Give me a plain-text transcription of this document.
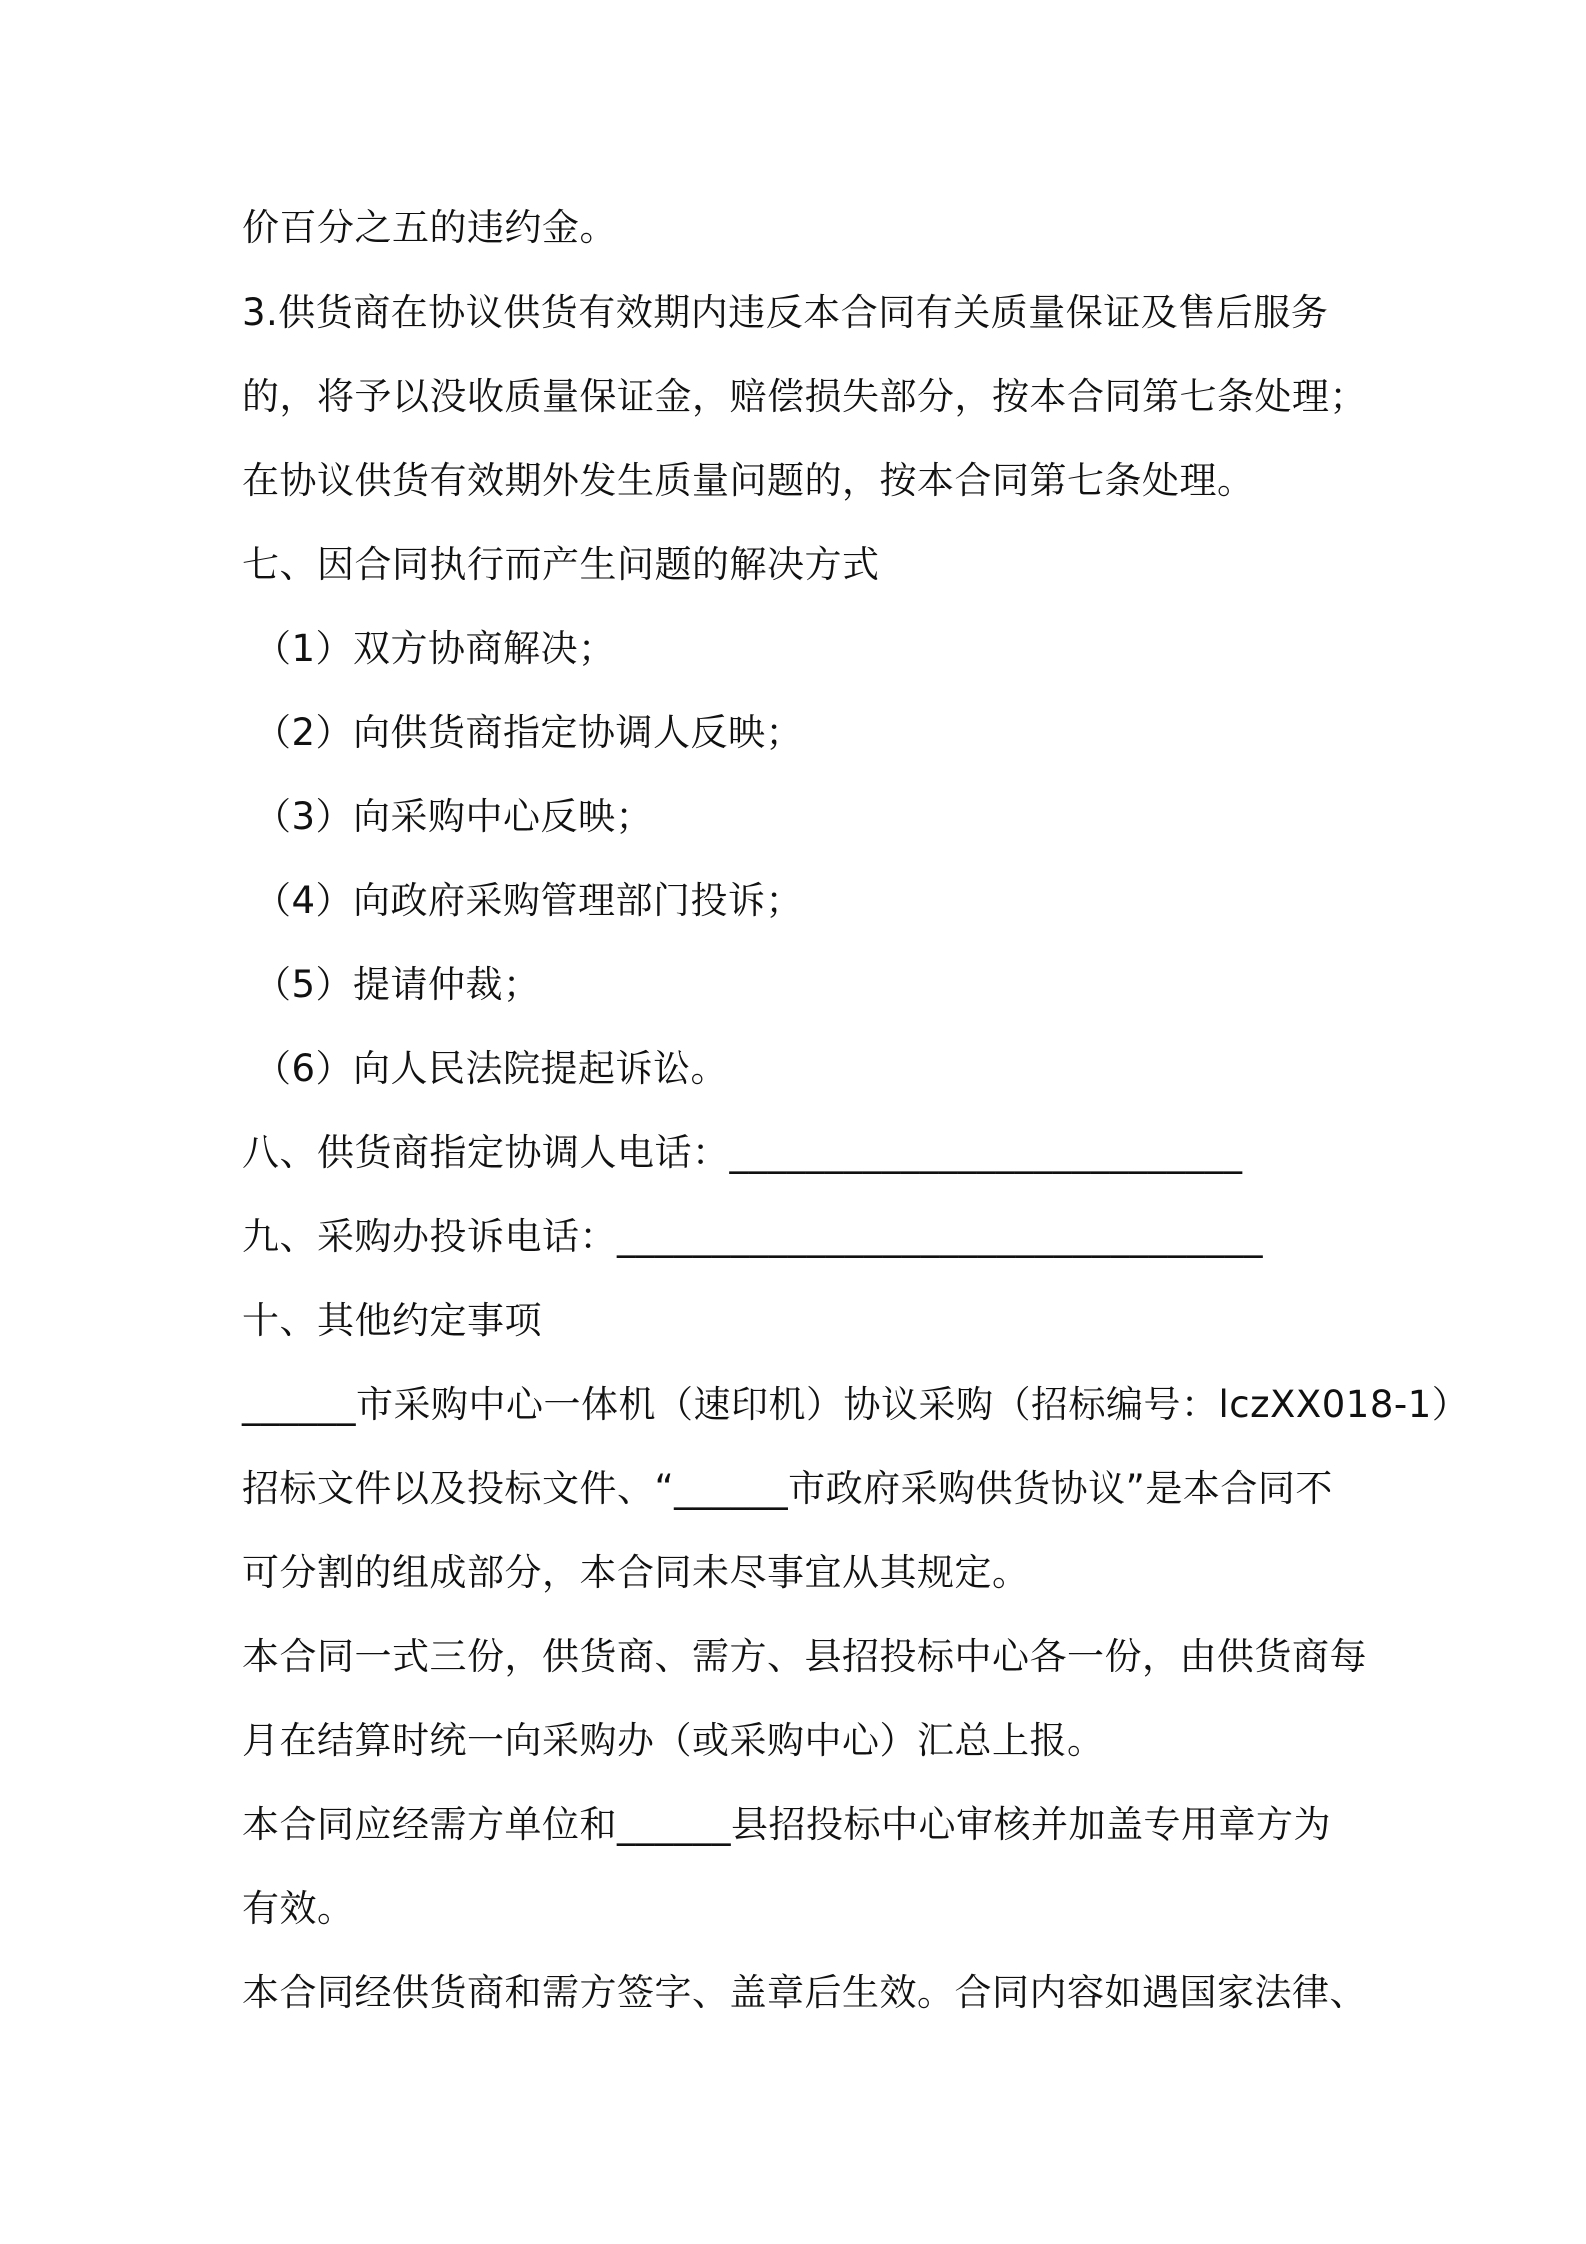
价百分之五的违约金。
3.供货商在协议供货有效期内违反本合同有关质量保证及售后服务
的，将予以没收质量保证金，赔偿损失部分，按本合同第七条处理；
在协议供货有效期外发生质量问题的，按本合同第七条处理。
七、因合同执行而产生问题的解决方式
（1）双方协商解决；
（2）向供货商指定协调人反映；
（3）向采购中心反映；
（4）向政府采购管理部门投诉；
（5）提请仲裁；
（6）向人民法院提起诉讼。
八、供货商指定协调人电话：___________________________
九、采购办投诉电话：__________________________________
十、其他约定事项
______市采购中心一体机（速印机）协议采购（招标编号：lczXX018-1）
招标文件以及投标文件、“______市政府采购供货协议”是本合同不
可分割的组成部分，本合同未尽事宜从其规定。
本合同一式三份，供货商、需方、县招投标中心各一份，由供货商每
月在结算时统一向采购办（或采购中心）汇总上报。
本合同应经需方单位和______县招投标中心审核并加盖专用章方为
有效。
本合同经供货商和需方签字、盖章后生效。合同内容如遇国家法律、
